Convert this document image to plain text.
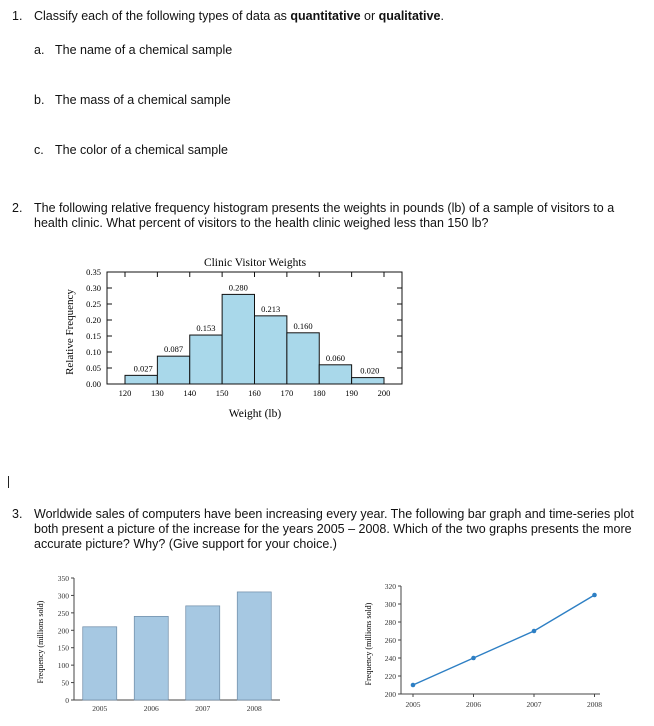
1. Classify each of the following types of data as quantitative or qualitative.
a. The name of a chemical sample
b. The mass of a chemical sample
c. The color of a chemical sample
2. The following relative frequency histogram presents the weights in pounds (lb) of a sample of visitors to a
health clinic. What percent of visitors to the health clinic weighed less than 150 lb?
Clinic Visitor Weights
Relative Frequency
Weight (lb)
0.00
0.05
0.10
0.15
0.20
0.25
0.30
0.35
120 130 140 150 160 170 180 190 200
0.027
0.087
0.153
0.280
0.213
0.160
0.060
0.020
3. Worldwide sales of computers have been increasing every year. The following bar graph and time-series plot
both present a picture of the increase for the years 2005 – 2008. Which of the two graphs presents the more
accurate picture? Why? (Give support for your choice.)
Frequency (millions sold)
0
50
100
150
200
250
300
350
2005	2006	2007	2008
Frequency (millions sold)
200
220
240
260
280
300
320
2005	2006	2007	2008
